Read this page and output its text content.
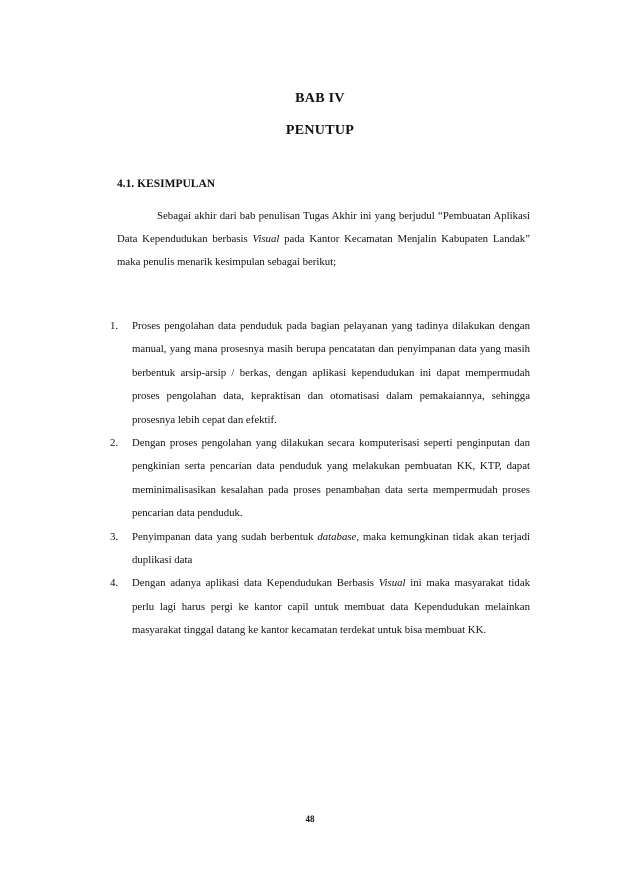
BAB IV
PENUTUP
4.1. KESIMPULAN

Sebagai akhir dari bab penulisan Tugas Akhir ini yang berjudul “Pembuatan Aplikasi Data Kependudukan berbasis Visual pada Kantor Kecamatan Menjalin Kabupaten Landak” maka penulis menarik kesimpulan sebagai berikut;

1. Proses pengolahan data penduduk pada bagian pelayanan yang tadinya dilakukan dengan manual, yang mana prosesnya masih berupa pencatatan dan penyimpanan data yang masih berbentuk arsip-arsip / berkas, dengan aplikasi kependudukan ini dapat mempermudah proses pengolahan data, kepraktisan dan otomatisasi dalam pemakaiannya, sehingga prosesnya lebih cepat dan efektif.
2. Dengan proses pengolahan yang dilakukan secara komputerisasi seperti penginputan dan pengkinian serta pencarian data penduduk yang melakukan pembuatan KK, KTP, dapat meminimalisasikan kesalahan pada proses penambahan data serta mempermudah proses pencarian data penduduk.
3. Penyimpanan data yang sudah berbentuk database, maka kemungkinan tidak akan terjadi duplikasi data
4. Dengan adanya aplikasi data Kependudukan Berbasis Visual ini maka masyarakat tidak perlu lagi harus pergi ke kantor capil untuk membuat data Kependudukan melainkan masyarakat tinggal datang ke kantor kecamatan terdekat untuk bisa membuat KK.

48
